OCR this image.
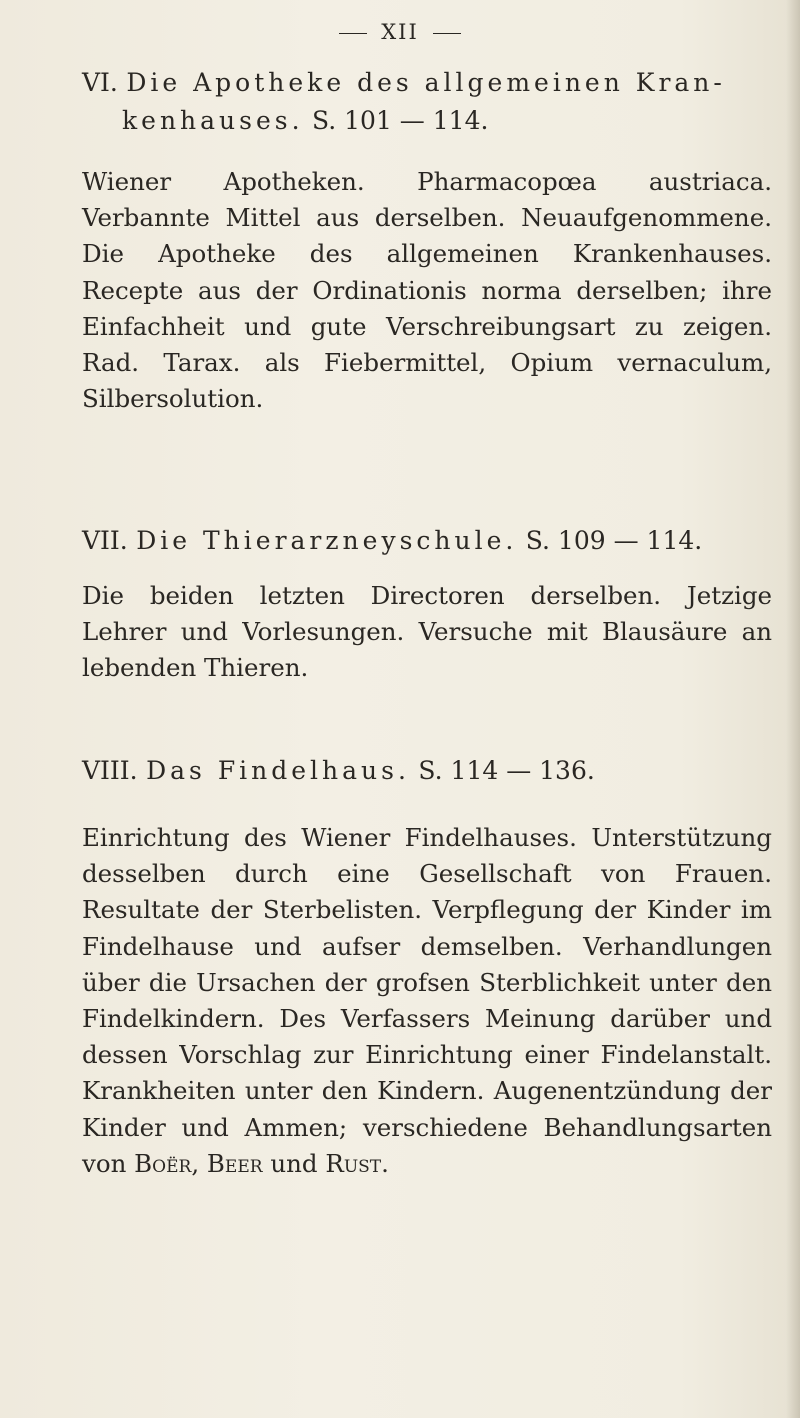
XII
VI. Die Apotheke des allgemeinen Kran-
kenhauses. S. 101 — 114.
Wiener Apotheken. Pharmacopœa austriaca. Verbannte Mittel aus derselben. Neuaufgenommene. Die Apotheke des allgemeinen Krankenhauses. Recepte aus der Ordinationis norma derselben; ihre Einfachheit und gute Verschreibungsart zu zeigen. Rad. Tarax. als Fiebermittel, Opium vernaculum, Silbersolution.
VII. Die Thierarzneyschule. S. 109 — 114.
Die beiden letzten Directoren derselben. Jetzige Lehrer und Vorlesungen. Versuche mit Blausäure an lebenden Thieren.
VIII. Das Findelhaus. S. 114 — 136.
Einrichtung des Wiener Findelhauses. Unterstützung desselben durch eine Gesellschaft von Frauen. Resultate der Sterbelisten. Verpflegung der Kinder im Findelhause und aufser demselben. Verhandlungen über die Ursachen der grofsen Sterblichkeit unter den Findelkindern. Des Verfassers Meinung darüber und dessen Vorschlag zur Einrichtung einer Findelanstalt. Krankheiten unter den Kindern. Augenentzündung der Kinder und Ammen; verschiedene Behandlungsarten von Boër, Beer und Rust.
